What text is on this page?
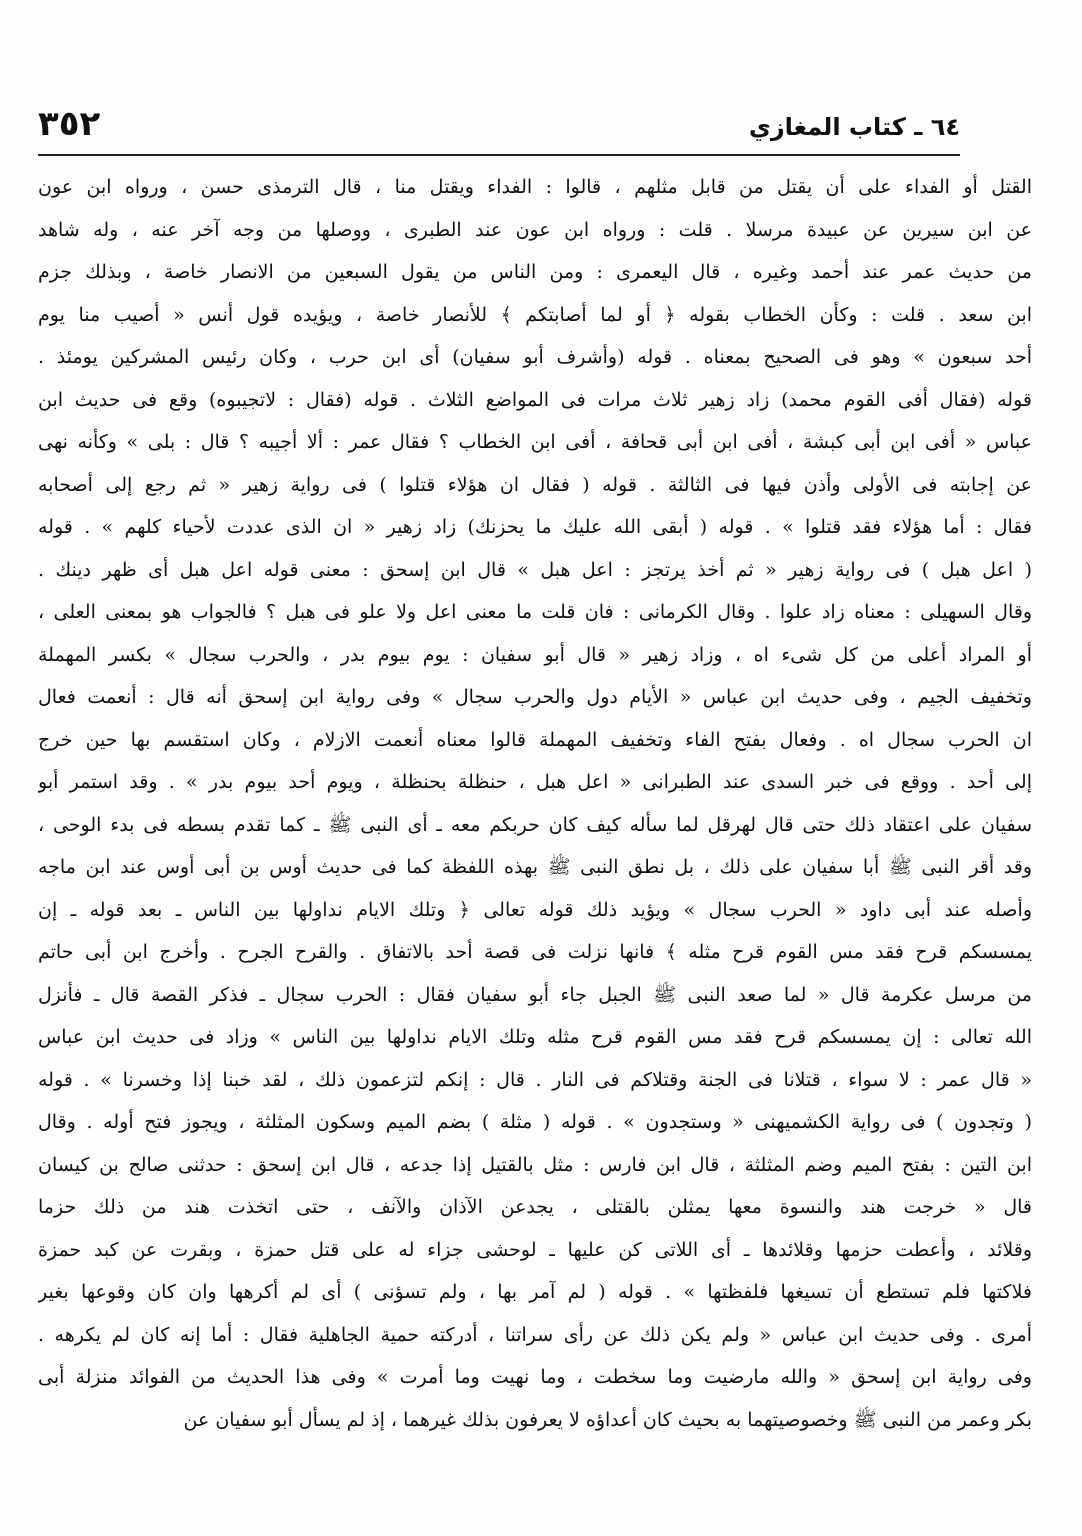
٣٥٢	٦٤ ـ كتاب المغازي
القتل أو الفداء على أن يقتل من قابل مثلهم ، قالوا : الفداء ويقتل منا ، قال الترمذى حسن ، ورواه ابن عون
عن ابن سيرين عن عبيدة مرسلا . قلت : ورواه ابن عون عند الطبرى ، ووصلها من وجه آخر عنه ، وله شاهد
من حديث عمر عند أحمد وغيره ، قال اليعمرى : ومن الناس من يقول السبعين من الانصار خاصة ، وبذلك جزم
ابن سعد . قلت : وكأن الخطاب بقوله ﴿ أو لما أصابتكم ﴾ للأنصار خاصة ، ويؤيده قول أنس « أصيب منا يوم
أحد سبعون » وهو فى الصحيح بمعناه . قوله (وأشرف أبو سفيان) أى ابن حرب ، وكان رئيس المشركين يومئذ .
قوله (فقال أفى القوم محمد) زاد زهير ثلاث مرات فى المواضع الثلاث . قوله (فقال : لاتجيبوه) وقع فى حديث ابن
عباس « أفى ابن أبى كبشة ، أفى ابن أبى قحافة ، أفى ابن الخطاب ؟ فقال عمر : ألا أجيبه ؟ قال : بلى » وكأنه نهى
عن إجابته فى الأولى وأذن فيها فى الثالثة . قوله ( فقال ان هؤلاء قتلوا ) فى رواية زهير « ثم رجع إلى أصحابه
فقال : أما هؤلاء فقد قتلوا » . قوله ( أبقى الله عليك ما يحزنك) زاد زهير « ان الذى عددت لأحياء كلهم » . قوله
( اعل هبل ) فى رواية زهير « ثم أخذ يرتجز : اعل هبل » قال ابن إسحق : معنى قوله اعل هبل أى ظهر دينك .
وقال السهيلى : معناه زاد علوا . وقال الكرمانى : فان قلت ما معنى اعل ولا علو فى هبل ؟ فالجواب هو بمعنى العلى ،
أو المراد أعلى من كل شىء اه ، وزاد زهير « قال أبو سفيان : يوم بيوم بدر ، والحرب سجال » بكسر المهملة
وتخفيف الجيم ، وفى حديث ابن عباس « الأيام دول والحرب سجال » وفى رواية ابن إسحق أنه قال : أنعمت فعال
ان الحرب سجال اه . وفعال بفتح الفاء وتخفيف المهملة قالوا معناه أنعمت الازلام ، وكان استقسم بها حين خرج
إلى أحد . ووقع فى خبر السدى عند الطبرانى « اعل هبل ، حنظلة بحنظلة ، ويوم أحد بيوم بدر » . وقد استمر أبو
سفيان على اعتقاد ذلك حتى قال لهرقل لما سأله كيف كان حربكم معه ـ أى النبى ﷺ ـ كما تقدم بسطه فى بدء الوحى ،
وقد أقر النبى ﷺ أبا سفيان على ذلك ، بل نطق النبى ﷺ بهذه اللفظة كما فى حديث أوس بن أبى أوس عند ابن ماجه
وأصله عند أبى داود « الحرب سجال » ويؤيد ذلك قوله تعالى ﴿ وتلك الايام نداولها بين الناس ـ بعد قوله ـ إن
يمسسكم قرح فقد مس القوم قرح مثله ﴾ فانها نزلت فى قصة أحد بالاتفاق . والقرح الجرح . وأخرج ابن أبى حاتم
من مرسل عكرمة قال « لما صعد النبى ﷺ الجبل جاء أبو سفيان فقال : الحرب سجال ـ فذكر القصة قال ـ فأنزل
الله تعالى : إن يمسسكم قرح فقد مس القوم قرح مثله وتلك الايام نداولها بين الناس » وزاد فى حديث ابن عباس
« قال عمر : لا سواء ، قتلانا فى الجنة وقتلاكم فى النار . قال : إنكم لتزعمون ذلك ، لقد خبنا إذا وخسرنا » . قوله
( وتجدون ) فى رواية الكشميهنى « وستجدون » . قوله ( مثلة ) بضم الميم وسكون المثلثة ، ويجوز فتح أوله . وقال
ابن التين : بفتح الميم وضم المثلثة ، قال ابن فارس : مثل بالقتيل إذا جدعه ، قال ابن إسحق : حدثنى صالح بن كيسان
قال « خرجت هند والنسوة معها يمثلن بالقتلى ، يجدعن الآذان والآنف ، حتى اتخذت هند من ذلك حزما
وقلائد ، وأعطت حزمها وقلائدها ـ أى اللاتى كن عليها ـ لوحشى جزاء له على قتل حمزة ، وبقرت عن كبد حمزة
فلاكتها فلم تستطع أن تسيغها فلفظتها » . قوله ( لم آمر بها ، ولم تسؤنى ) أى لم أكرهها وان كان وقوعها بغير
أمرى . وفى حديث ابن عباس « ولم يكن ذلك عن رأى سراتنا ، أدركته حمية الجاهلية فقال : أما إنه كان لم يكرهه .
وفى رواية ابن إسحق « والله مارضيت وما سخطت ، وما نهيت وما أمرت » وفى هذا الحديث من الفوائد منزلة أبى
بكر وعمر من النبى ﷺ وخصوصيتهما به بحيث كان أعداؤه لا يعرفون بذلك غيرهما ، إذ لم يسأل أبو سفيان عن
